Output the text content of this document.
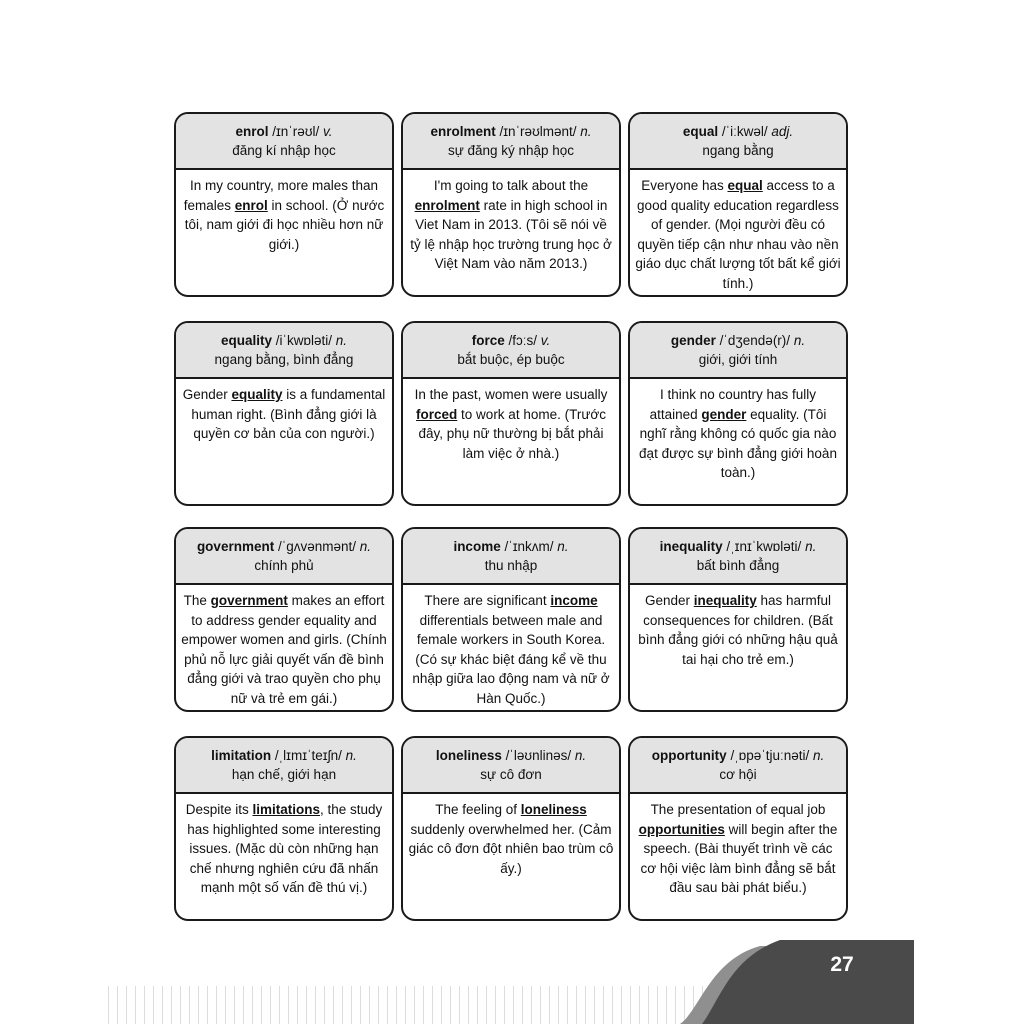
enrol /ɪnˈrəʊl/ v.
đăng kí nhập học
In my country, more males than females enrol in school. (Ở nước tôi, nam giới đi học nhiều hơn nữ giới.)
enrolment /ɪnˈrəʊlmənt/ n.
sự đăng ký nhập học
I'm going to talk about the enrolment rate in high school in Viet Nam in 2013. (Tôi sẽ nói về tỷ lệ nhập học trường trung học ở Việt Nam vào năm 2013.)
equal /ˈiːkwəl/ adj.
ngang bằng
Everyone has equal access to a good quality education regardless of gender. (Mọi người đều có quyền tiếp cận như nhau vào nền giáo dục chất lượng tốt bất kể giới tính.)
equality /iˈkwɒləti/ n.
ngang bằng, bình đẳng
Gender equality is a fundamental human right. (Bình đẳng giới là quyền cơ bản của con người.)
force /fɔːs/ v.
bắt buộc, ép buộc
In the past, women were usually forced to work at home. (Trước đây, phụ nữ thường bị bắt phải làm việc ở nhà.)
gender /ˈdʒendə(r)/ n.
giới, giới tính
I think no country has fully attained gender equality. (Tôi nghĩ rằng không có quốc gia nào đạt được sự bình đẳng giới hoàn toàn.)
government /ˈɡʌvənmənt/ n.
chính phủ
The government makes an effort to address gender equality and empower women and girls. (Chính phủ nỗ lực giải quyết vấn đề bình đẳng giới và trao quyền cho phụ nữ và trẻ em gái.)
income /ˈɪnkʌm/ n.
thu nhập
There are significant income differentials between male and female workers in South Korea. (Có sự khác biệt đáng kể về thu nhập giữa lao động nam và nữ ở Hàn Quốc.)
inequality /ˌɪnɪˈkwɒləti/ n.
bất bình đẳng
Gender inequality has harmful consequences for children. (Bất bình đẳng giới có những hậu quả tai hại cho trẻ em.)
limitation /ˌlɪmɪˈteɪʃn/ n.
hạn chế, giới hạn
Despite its limitations, the study has highlighted some interesting issues. (Mặc dù còn những hạn chế nhưng nghiên cứu đã nhấn mạnh một số vấn đề thú vị.)
loneliness /ˈləʊnlinəs/ n.
sự cô đơn
The feeling of loneliness suddenly overwhelmed her. (Cảm giác cô đơn đột nhiên bao trùm cô ấy.)
opportunity /ˌɒpəˈtjuːnəti/ n.
cơ hội
The presentation of equal job opportunities will begin after the speech. (Bài thuyết trình về các cơ hội việc làm bình đẳng sẽ bắt đầu sau bài phát biểu.)
27
